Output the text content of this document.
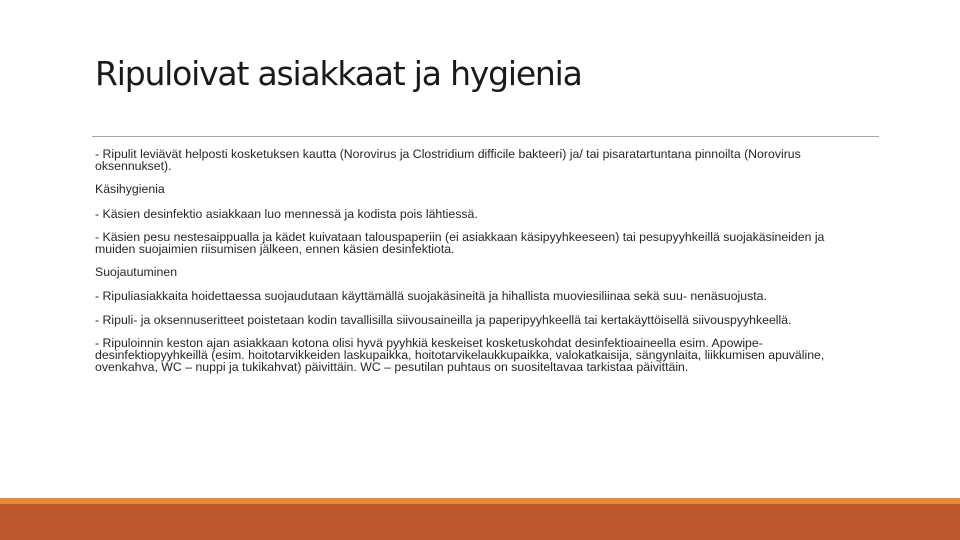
Ripuloivat asiakkaat ja hygienia

- Ripulit leviävät helposti kosketuksen kautta (Norovirus ja Clostridium difficile bakteeri) ja/ tai pisaratartuntana pinnoilta (Norovirus oksennukset).

Käsihygienia

- Käsien desinfektio asiakkaan luo mennessä ja kodista pois lähtiessä.

- Käsien pesu nestesaippualla ja kädet kuivataan talouspaperiin (ei asiakkaan käsipyyhkeeseen) tai pesupyyhkeillä suojakäsineiden ja muiden suojaimien riisumisen jälkeen, ennen käsien desinfektiota.

Suojautuminen

- Ripuliasiakkaita hoidettaessa suojaudutaan käyttämällä suojakäsineitä ja hihallista muoviesiliinaa sekä suu- nenäsuojusta.

- Ripuli- ja oksennuseritteet poistetaan kodin tavallisilla siivousaineilla ja paperipyyhkeellä tai kertakäyttöisellä siivouspyyhkeellä.

- Ripuloinnin keston ajan asiakkaan kotona olisi hyvä pyyhkiä keskeiset kosketuskohdat desinfektioaineella esim. Apowipe-desinfektiopyyhkeillä (esim. hoitotarvikkeiden laskupaikka, hoitotarvikelaukkupaikka, valokatkaisija, sängynlaita, liikkumisen apuväline, ovenkahva, WC – nuppi ja tukikahvat) päivittäin. WC – pesutilan puhtaus on suositeltavaa tarkistaa päivittäin.
